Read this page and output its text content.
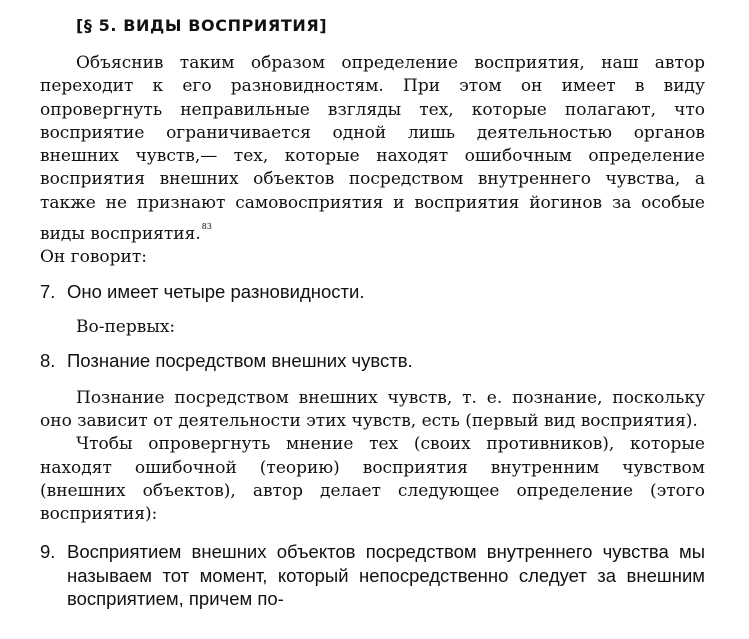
[§ 5. ВИДЫ ВОСПРИЯТИЯ]

Объяснив таким образом определение восприятия, наш автор переходит к его разновидностям. При этом он имеет в виду опровергнуть неправильные взгляды тех, которые полагают, что восприятие ограничивается одной лишь деятельностью органов внешних чувств,— тех, которые находят ошибочным определение восприятия внешних объектов посредством внутреннего чувства, а также не признают самовосприятия и восприятия йогинов за особые виды восприятия.$^{83}$

Он говорит:

7. Оно имеет четыре разновидности.

Во-первых:

8. Познание посредством внешних чувств.

Познание посредством внешних чувств, т. е. познание, поскольку оно зависит от деятельности этих чувств, есть (первый вид восприятия).

Чтобы опровергнуть мнение тех (своих противников), которые находят ошибочной (теорию) восприятия внутренним чувством (внешних объектов), автор делает следующее определение (этого восприятия):

9. Восприятием внешних объектов посредством внутреннего чувства мы называем тот момент, который непосредственно следует за внешним восприятием, причем по-
